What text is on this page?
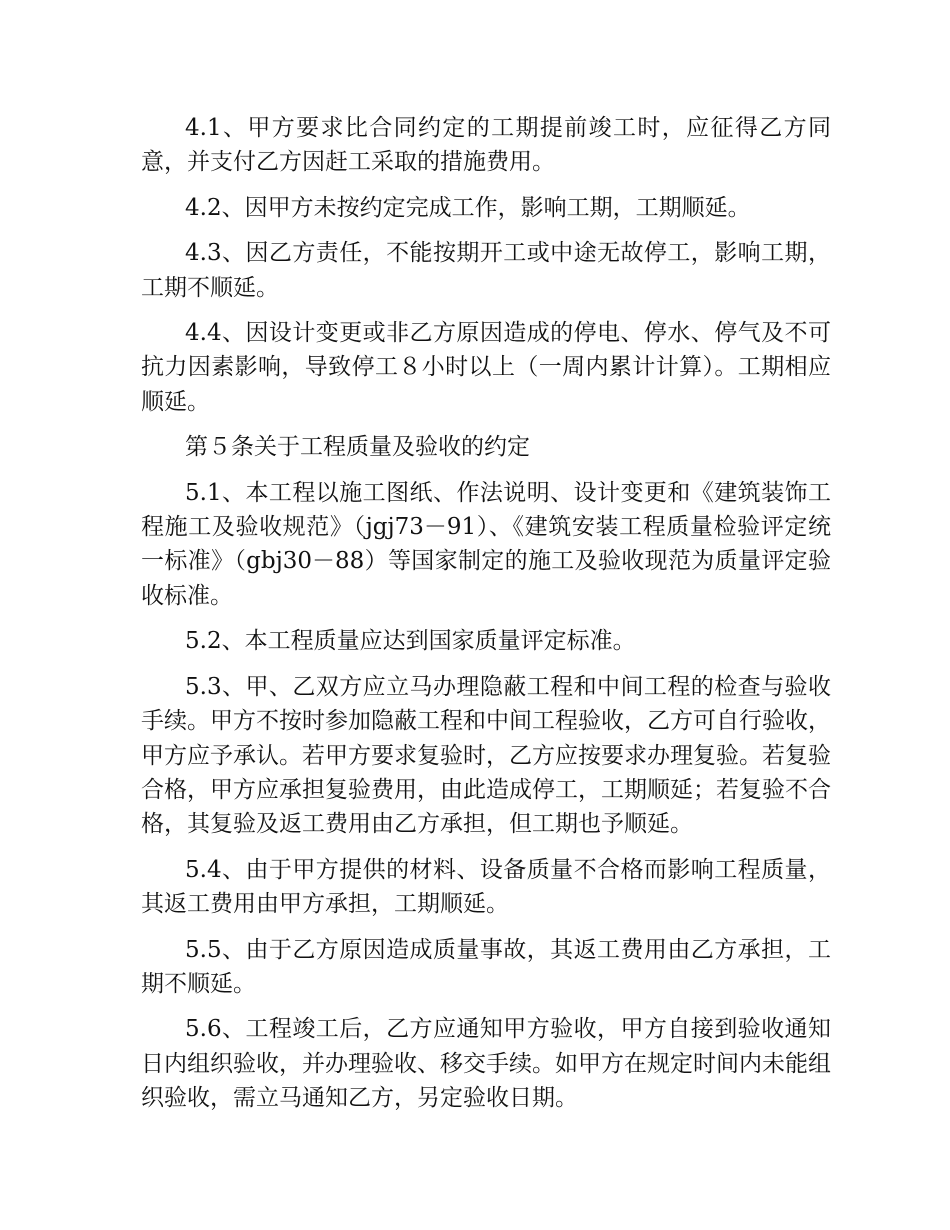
4.1、甲方要求比合同约定的工期提前竣工时，应征得乙方同意，并支付乙方因赶工采取的措施费用。

4.2、因甲方未按约定完成工作，影响工期，工期顺延。

4.3、因乙方责任，不能按期开工或中途无故停工，影响工期，工期不顺延。

4.4、因设计变更或非乙方原因造成的停电、停水、停气及不可抗力因素影响，导致停工８小时以上（一周内累计计算）。工期相应顺延。

第５条关于工程质量及验收的约定

5.1、本工程以施工图纸、作法说明、设计变更和《建筑装饰工程施工及验收规范》（jgj73－91）、《建筑安装工程质量检验评定统一标准》（gbj30－88）等国家制定的施工及验收现范为质量评定验收标准。

5.2、本工程质量应达到国家质量评定标准。

5.3、甲、乙双方应立马办理隐蔽工程和中间工程的检查与验收手续。甲方不按时参加隐蔽工程和中间工程验收，乙方可自行验收，甲方应予承认。若甲方要求复验时，乙方应按要求办理复验。若复验合格，甲方应承担复验费用，由此造成停工，工期顺延；若复验不合格，其复验及返工费用由乙方承担，但工期也予顺延。

5.4、由于甲方提供的材料、设备质量不合格而影响工程质量，其返工费用由甲方承担，工期顺延。

5.5、由于乙方原因造成质量事故，其返工费用由乙方承担，工期不顺延。

5.6、工程竣工后，乙方应通知甲方验收，甲方自接到验收通知日内组织验收，并办理验收、移交手续。如甲方在规定时间内未能组织验收，需立马通知乙方，另定验收日期。
